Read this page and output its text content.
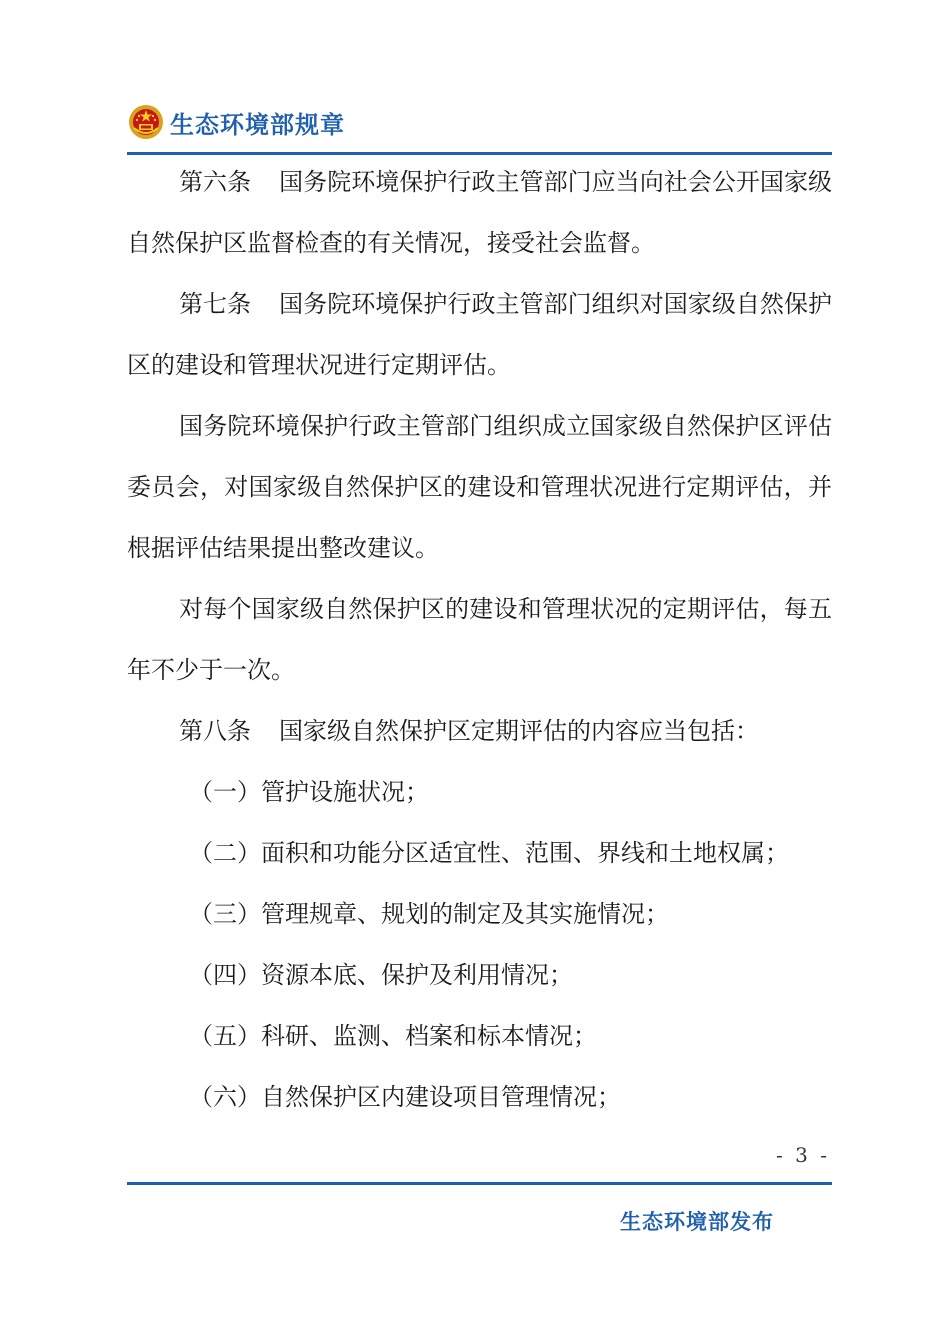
生态环境部规章

第六条 国务院环境保护行政主管部门应当向社会公开国家级自然保护区监督检查的有关情况，接受社会监督。

第七条 国务院环境保护行政主管部门组织对国家级自然保护区的建设和管理状况进行定期评估。

国务院环境保护行政主管部门组织成立国家级自然保护区评估委员会，对国家级自然保护区的建设和管理状况进行定期评估，并根据评估结果提出整改建议。

对每个国家级自然保护区的建设和管理状况的定期评估，每五年不少于一次。

第八条 国家级自然保护区定期评估的内容应当包括：

（一）管护设施状况；

（二）面积和功能分区适宜性、范围、界线和土地权属；

（三）管理规章、规划的制定及其实施情况；

（四）资源本底、保护及利用情况；

（五）科研、监测、档案和标本情况；

（六）自然保护区内建设项目管理情况；

- 3 -
生态环境部发布
